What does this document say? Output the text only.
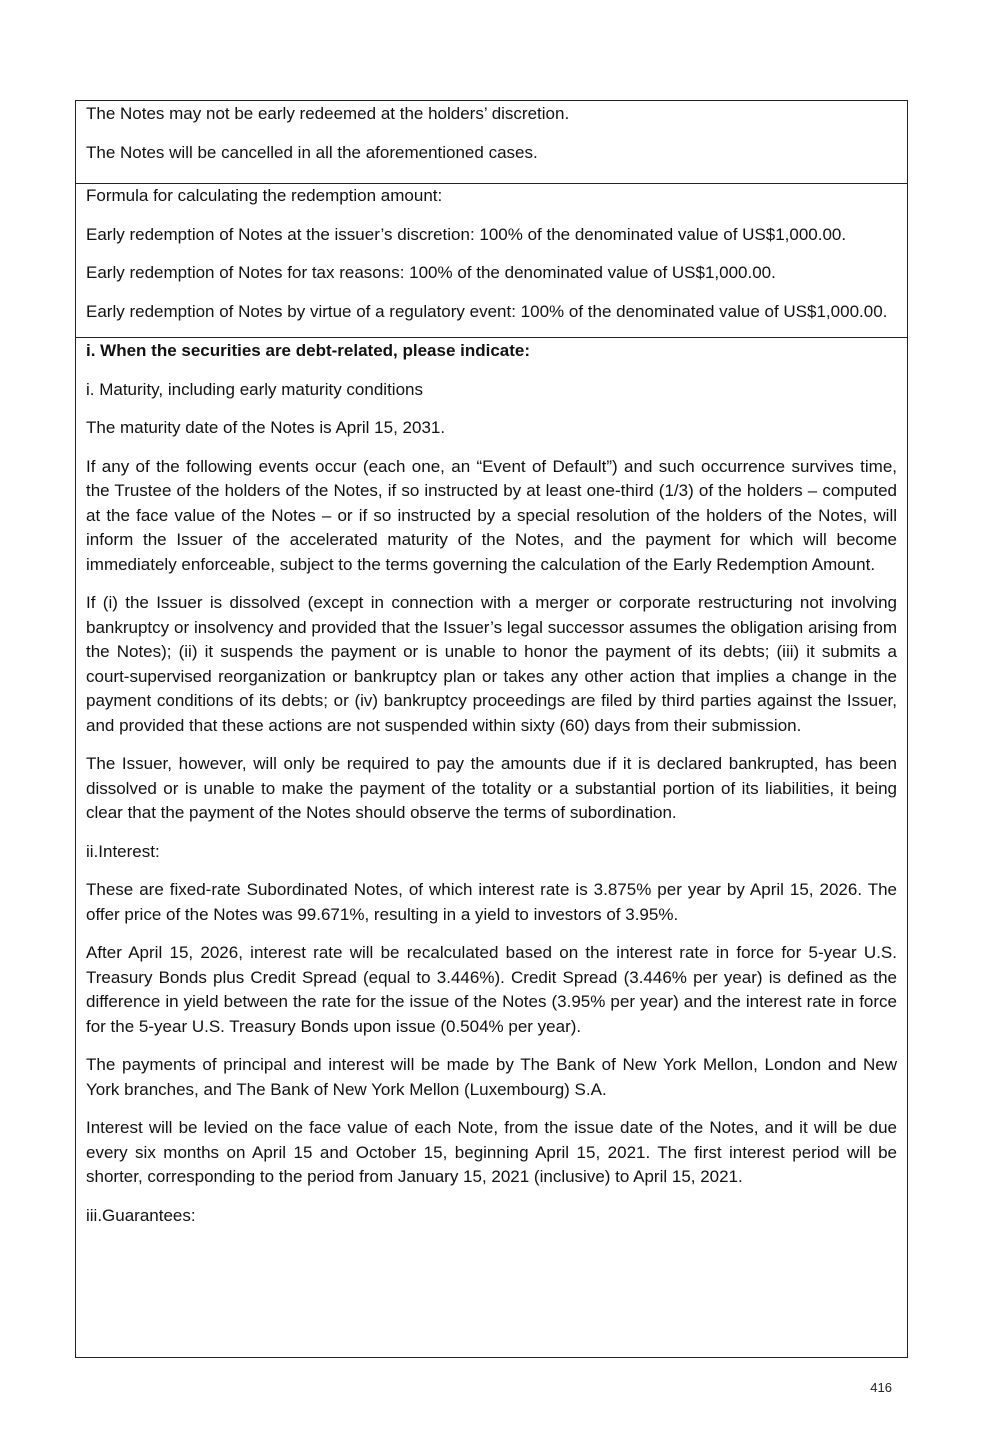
The Notes may not be early redeemed at the holders’ discretion.

The Notes will be cancelled in all the aforementioned cases.

Formula for calculating the redemption amount:

Early redemption of Notes at the issuer’s discretion: 100% of the denominated value of US$1,000.00.

Early redemption of Notes for tax reasons: 100% of the denominated value of US$1,000.00.

Early redemption of Notes by virtue of a regulatory event: 100% of the denominated value of US$1,000.00.

i. When the securities are debt-related, please indicate:

i. Maturity, including early maturity conditions

The maturity date of the Notes is April 15, 2031.

If any of the following events occur (each one, an “Event of Default”) and such occurrence survives time, the Trustee of the holders of the Notes, if so instructed by at least one-third (1/3) of the holders – computed at the face value of the Notes – or if so instructed by a special resolution of the holders of the Notes, will inform the Issuer of the accelerated maturity of the Notes, and the payment for which will become immediately enforceable, subject to the terms governing the calculation of the Early Redemption Amount.

If (i) the Issuer is dissolved (except in connection with a merger or corporate restructuring not involving bankruptcy or insolvency and provided that the Issuer’s legal successor assumes the obligation arising from the Notes); (ii) it suspends the payment or is unable to honor the payment of its debts; (iii) it submits a court-supervised reorganization or bankruptcy plan or takes any other action that implies a change in the payment conditions of its debts; or (iv) bankruptcy proceedings are filed by third parties against the Issuer, and provided that these actions are not suspended within sixty (60) days from their submission.

The Issuer, however, will only be required to pay the amounts due if it is declared bankrupted, has been dissolved or is unable to make the payment of the totality or a substantial portion of its liabilities, it being clear that the payment of the Notes should observe the terms of subordination.

ii.Interest:

These are fixed-rate Subordinated Notes, of which interest rate is 3.875% per year by April 15, 2026. The offer price of the Notes was 99.671%, resulting in a yield to investors of 3.95%.

After April 15, 2026, interest rate will be recalculated based on the interest rate in force for 5-year U.S. Treasury Bonds plus Credit Spread (equal to 3.446%). Credit Spread (3.446% per year) is defined as the difference in yield between the rate for the issue of the Notes (3.95% per year) and the interest rate in force for the 5-year U.S. Treasury Bonds upon issue (0.504% per year).

The payments of principal and interest will be made by The Bank of New York Mellon, London and New York branches, and The Bank of New York Mellon (Luxembourg) S.A.

Interest will be levied on the face value of each Note, from the issue date of the Notes, and it will be due every six months on April 15 and October 15, beginning April 15, 2021. The first interest period will be shorter, corresponding to the period from January 15, 2021 (inclusive) to April 15, 2021.

iii.Guarantees:

416
